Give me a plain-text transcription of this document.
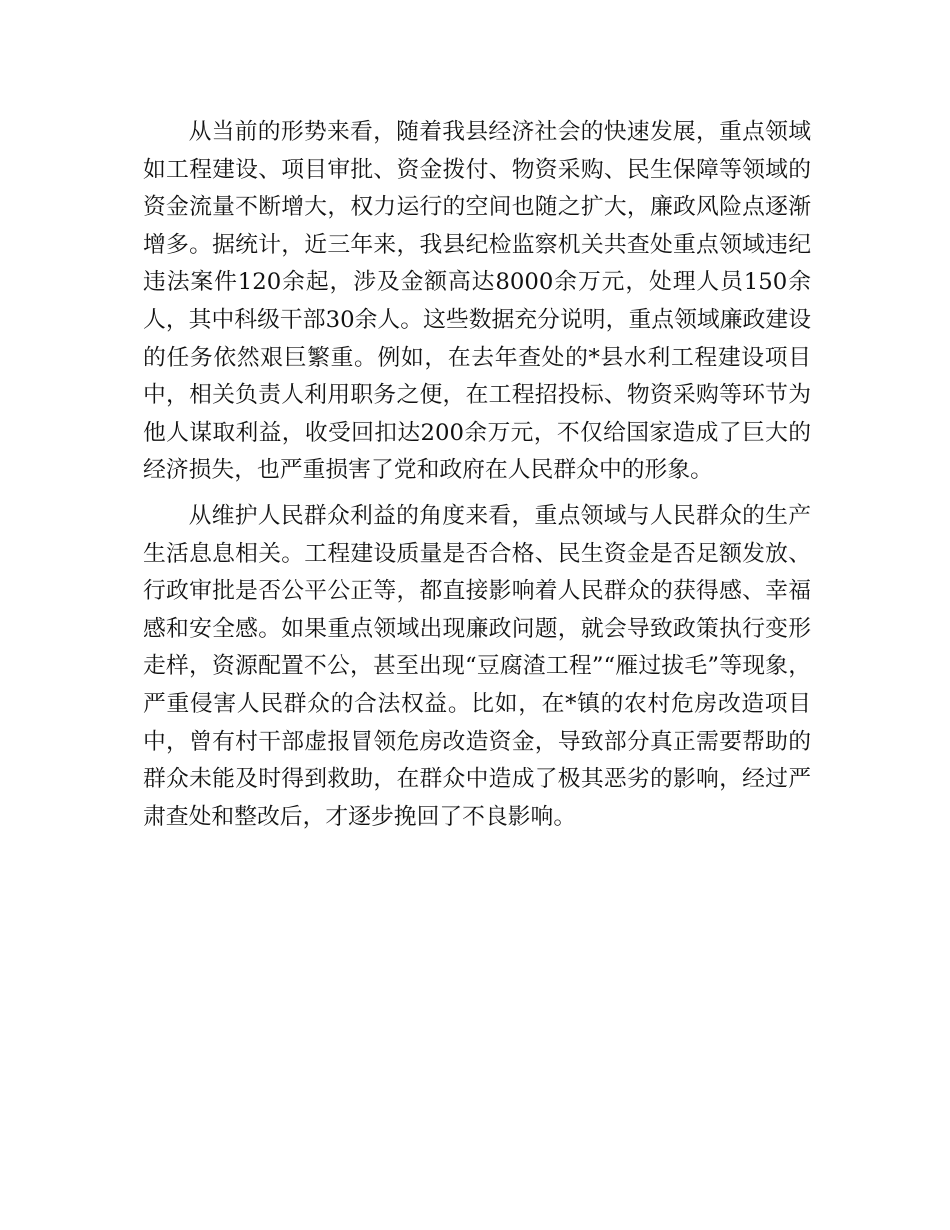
从当前的形势来看，随着我县经济社会的快速发展，重点领域如工程建设、项目审批、资金拨付、物资采购、民生保障等领域的资金流量不断增大，权力运行的空间也随之扩大，廉政风险点逐渐增多。据统计，近三年来，我县纪检监察机关共查处重点领域违纪违法案件120余起，涉及金额高达8000余万元，处理人员150余人，其中科级干部30余人。这些数据充分说明，重点领域廉政建设的任务依然艰巨繁重。例如，在去年查处的*县水利工程建设项目中，相关负责人利用职务之便，在工程招投标、物资采购等环节为他人谋取利益，收受回扣达200余万元，不仅给国家造成了巨大的经济损失，也严重损害了党和政府在人民群众中的形象。

从维护人民群众利益的角度来看，重点领域与人民群众的生产生活息息相关。工程建设质量是否合格、民生资金是否足额发放、行政审批是否公平公正等，都直接影响着人民群众的获得感、幸福感和安全感。如果重点领域出现廉政问题，就会导致政策执行变形走样，资源配置不公，甚至出现“豆腐渣工程”“雁过拔毛”等现象，严重侵害人民群众的合法权益。比如，在*镇的农村危房改造项目中，曾有村干部虚报冒领危房改造资金，导致部分真正需要帮助的群众未能及时得到救助，在群众中造成了极其恶劣的影响，经过严肃查处和整改后，才逐步挽回了不良影响。
